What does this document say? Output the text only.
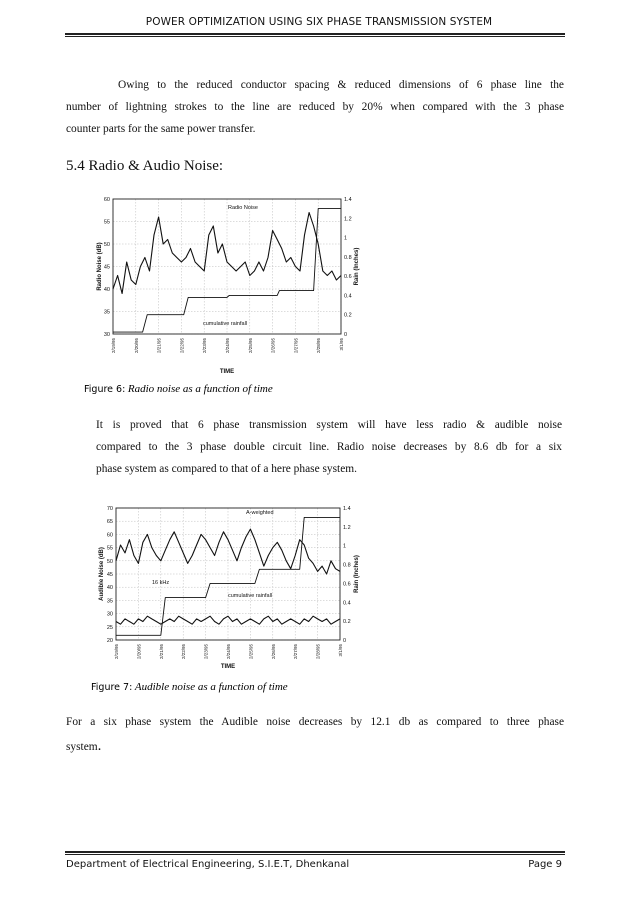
POWER OPTIMIZATION USING SIX PHASE TRANSMISSION SYSTEM
Owing to the reduced conductor spacing & reduced dimensions of 6 phase line the
number of lightning strokes to the line are reduced by 20% when compared with the 3 phase
counter parts for the same power transfer.
5.4 Radio & Audio Noise:
60
55
50
45
40
35
30
1.4
1.2
1
0.8
0.6
0.4
0.2
0
2/19/95	2/20/95	2/21/95	2/22/95	2/23/95	2/24/95	2/25/95	2/26/95	2/27/95	2/28/95	3/1/95
TIME
Radio Noise (dB)	Rain (Inches)
Radio Noise
cumulative rainfall
Figure 6: Radio noise as a function of time
It is proved that 6 phase transmission system will have less radio & audible noise
compared to the 3 phase double circuit line. Radio noise decreases by 8.6 db for a six
phase system as compared to that of a here phase system.
70
65
60
55
50
45
40
35
30
25
20
1.4
1.2
1
0.8
0.6
0.4
0.2
0
2/19/95	2/20/95	2/21/95	2/22/95	2/23/95	2/24/95	2/25/95	2/26/95	2/27/95	2/28/95	3/1/95
TIME
Audible Noise (dB)	Rain (Inches)
A-weighted
16 kHz
cumulative rainfall
Figure 7: Audible noise as a function of time
For a six phase system the Audible noise decreases by 12.1 db as compared to three phase
system.
Department of Electrical Engineering, S.I.E.T, Dhenkanal	Page 9
